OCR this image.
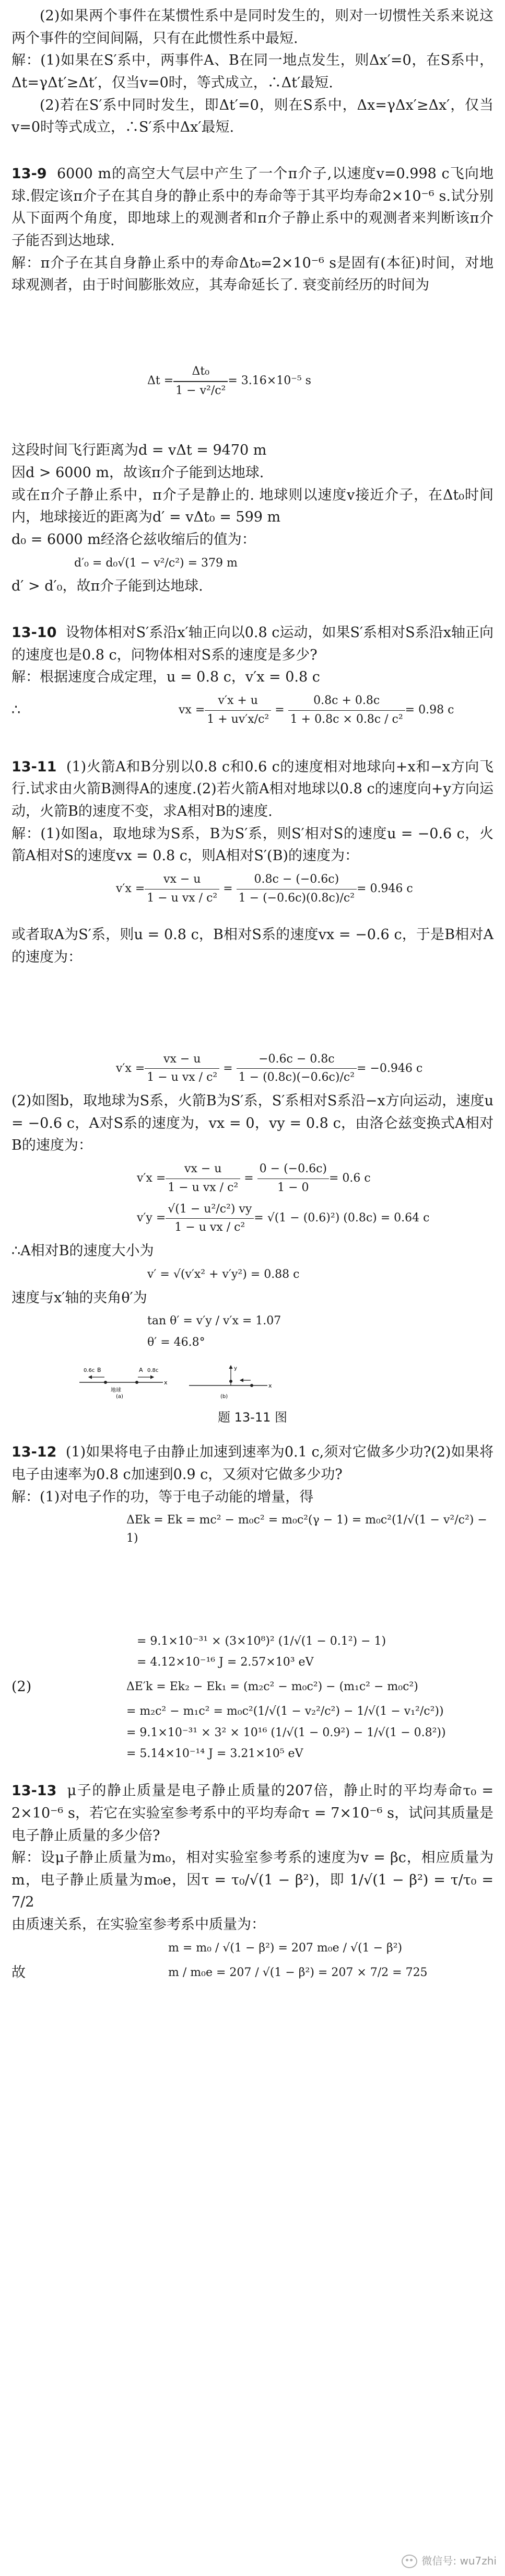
(2)如果两个事件在某惯性系中是同时发生的，则对一切惯性关系来说这两个事件的空间间隔，只有在此惯性系中最短.

解：(1)如果在S′系中，两事件A、B在同一地点发生，则Δx′=0，在S系中，Δt=γΔt′≥Δt′，仅当v=0时，等式成立，∴Δt′最短.

(2)若在S′系中同时发生，即Δt′=0，则在S系中，Δx=γΔx′≥Δx′，仅当v=0时等式成立，∴S′系中Δx′最短.

13-9 6000 m的高空大气层中产生了一个π介子,以速度v=0.998 c飞向地球.假定该π介子在其自身的静止系中的寿命等于其平均寿命2×10⁻⁶ s.试分别从下面两个角度，即地球上的观测者和π介子静止系中的观测者来判断该π介子能否到达地球.

解：π介子在其自身静止系中的寿命Δt₀=2×10⁻⁶ s是固有(本征)时间，对地球观测者，由于时间膨胀效应，其寿命延长了. 衰变前经历的时间为

$\Delta t = \frac{\text{Δt₀}}{\text{1 − v²/c²}} = 3.16\times 10^{-5}$ s

这段时间飞行距离为d = vΔt = 9470 m

因d > 6000 m，故该π介子能到达地球.

或在π介子静止系中，π介子是静止的. 地球则以速度v接近介子，在Δt₀时间内，地球接近的距离为d′ = vΔt₀ = 599 m

d₀ = 6000 m经洛仑兹收缩后的值为：

d′₀ = d₀√(1 − v²/c²) = 379 m

d′ > d′₀，故π介子能到达地球.

13-10 设物体相对S′系沿x′轴正向以0.8 c运动，如果S′系相对S系沿x轴正向的速度也是0.8 c，问物体相对S系的速度是多少?

解：根据速度合成定理，u = 0.8 c，v′x = 0.8 c

∴	vx = $\frac{v'x + u}{\text{1 + uv′x/c²}} = \frac{0.8c + 0.8c}{\text{1 + 0.8c × 0.8c / c²}} = 0.98$ c

13-11 (1)火箭A和B分别以0.8 c和0.6 c的速度相对地球向+x和−x方向飞行.试求由火箭B测得A的速度.(2)若火箭A相对地球以0.8 c的速度向+y方向运动，火箭B的速度不变，求A相对B的速度.

解：(1)如图a，取地球为S系，B为S′系，则S′相对S的速度u = −0.6 c，火箭A相对S的速度vx = 0.8 c，则A相对S′(B)的速度为：

$v'x = \frac{vx - u}{\text{1 − u vx / c²}} = \frac{0.8c - (-0.6c)}{\text{1 − (−0.6c)(0.8c)/c²}} = 0.946$ c

或者取A为S′系，则u = 0.8 c，B相对S系的速度vx = −0.6 c，于是B相对A的速度为：

$v'x = \frac{vx - u}{\text{1 − u vx / c²}} = \frac{-0.6c - 0.8c}{\text{1 − (0.8c)(−0.6c)/c²}} = -0.946$ c

(2)如图b，取地球为S系，火箭B为S′系，S′系相对S系沿−x方向运动，速度u = −0.6 c，A对S系的速度为，vx = 0，vy = 0.8 c，由洛仑兹变换式A相对B的速度为：

$v'x = \frac{vx - u}{\text{1 − u vx / c²}} = \frac{0 - (-0.6c)}{1 - 0} = 0.6$ c
$v'y = \frac{\text{√(1 − u²/c²) vy}}{\text{1 − u vx / c²}} = √(1 - (0.6)^2) (0.8c) = 0.64$ c

∴A相对B的速度大小为

v′ = √(v′x² + v′y²) = 0.88 c

速度与x′轴的夹角θ′为

tan θ′ = v′y / v′x = 1.07
θ′ = 46.8°
B	A
0.6c	0.8c
x
地球
(a)
y
x
(b)
题 13-11 图

13-12 (1)如果将电子由静止加速到速率为0.1 c,须对它做多少功?(2)如果将电子由速率为0.8 c加速到0.9 c，又须对它做多少功?

解：(1)对电子作的功，等于电子动能的增量，得

ΔEk = Ek = mc² − m₀c² = m₀c²(γ − 1) = m₀c²(1/√(1 − v²/c²) − 1)
= 9.1×10⁻³¹ × (3×10⁸)² (1/√(1 − 0.1²) − 1)
= 4.12×10⁻¹⁶ J = 2.57×10³ eV
(2)	ΔE′k = Ek₂ − Ek₁ = (m₂c² − m₀c²) − (m₁c² − m₀c²)
= m₂c² − m₁c² = m₀c²(1/√(1 − v₂²/c²) − 1/√(1 − v₁²/c²))
= 9.1×10⁻³¹ × 3² × 10¹⁶ (1/√(1 − 0.9²) − 1/√(1 − 0.8²))
= 5.14×10⁻¹⁴ J = 3.21×10⁵ eV

13-13 μ子的静止质量是电子静止质量的207倍，静止时的平均寿命τ₀ = 2×10⁻⁶ s，若它在实验室参考系中的平均寿命τ = 7×10⁻⁶ s，试问其质量是电子静止质量的多少倍?

解：设μ子静止质量为m₀，相对实验室参考系的速度为v = βc，相应质量为m，电子静止质量为m₀e，因τ = τ₀/√(1 − β²)，即 1/√(1 − β²) = τ/τ₀ = 7/2

由质速关系，在实验室参考系中质量为：

m = m₀ / √(1 − β²) = 207 m₀e / √(1 − β²)
故	m / m₀e = 207 / √(1 − β²) = 207 × 7/2 = 725
微信号: wu7zhi
